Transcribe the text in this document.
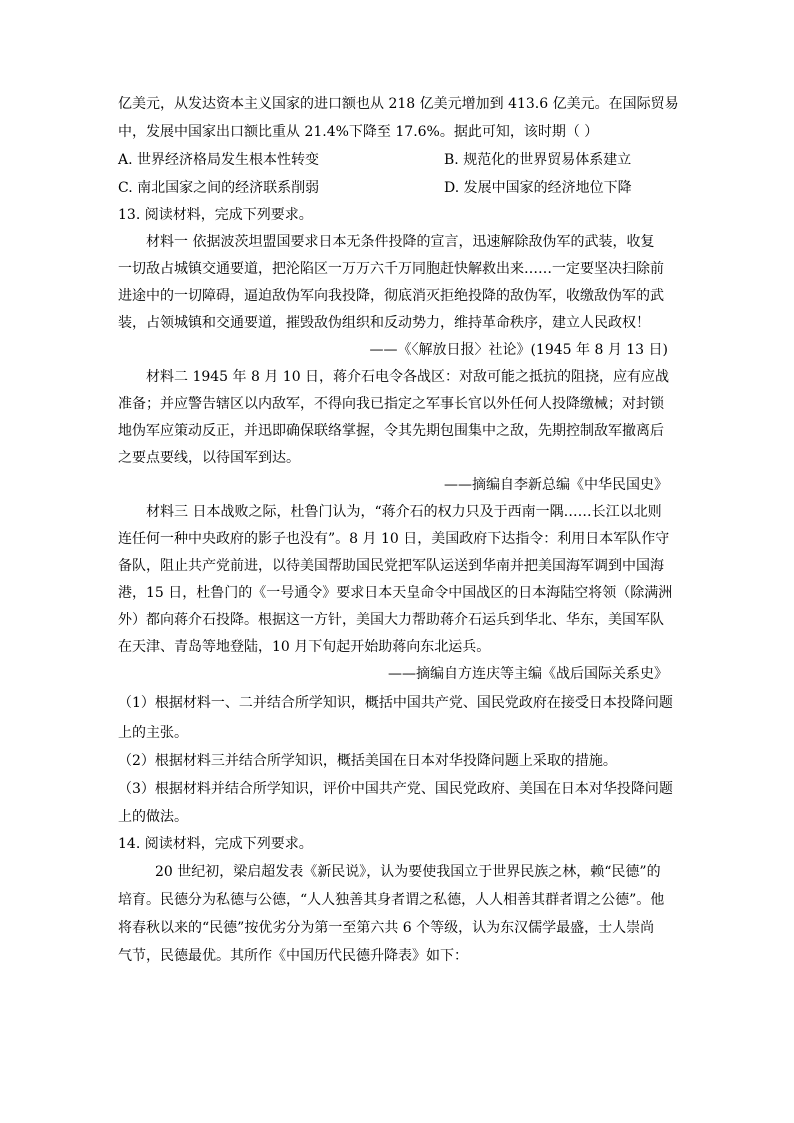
亿美元，从发达资本主义国家的进口额也从 218 亿美元增加到 413.6 亿美元。在国际贸易
中，发展中国家出口额比重从 21.4%下降至 17.6%。据此可知，该时期（ ）
A. 世界经济格局发生根本性转变	B. 规范化的世界贸易体系建立
C. 南北国家之间的经济联系削弱	D. 发展中国家的经济地位下降
13. 阅读材料，完成下列要求。
材料一 依据波茨坦盟国要求日本无条件投降的宣言，迅速解除敌伪军的武装，收复
一切敌占城镇交通要道，把沦陷区一万万六千万同胞赶快解救出来……一定要坚决扫除前
进途中的一切障碍，逼迫敌伪军向我投降，彻底消灭拒绝投降的敌伪军，收缴敌伪军的武
装，占领城镇和交通要道，摧毁敌伪组织和反动势力，维持革命秩序，建立人民政权！
——《〈解放日报〉社论》(1945 年 8 月 13 日)
材料二 1945 年 8 月 10 日，蒋介石电令各战区：对敌可能之抵抗的阻挠，应有应战
准备；并应警告辖区以内敌军，不得向我已指定之军事长官以外任何人投降缴械；对封锁
地伪军应策动反正，并迅即确保联络掌握，令其先期包围集中之敌，先期控制敌军撤离后
之要点要线，以待国军到达。
——摘编自李新总编《中华民国史》
材料三 日本战败之际，杜鲁门认为，“蒋介石的权力只及于西南一隅……长江以北则
连任何一种中央政府的影子也没有”。8 月 10 日，美国政府下达指令：利用日本军队作守
备队，阻止共产党前进，以待美国帮助国民党把军队运送到华南并把美国海军调到中国海
港，15 日，杜鲁门的《一号通令》要求日本天皇命令中国战区的日本海陆空将领（除满洲
外）都向蒋介石投降。根据这一方针，美国大力帮助蒋介石运兵到华北、华东，美国军队
在天津、青岛等地登陆，10 月下旬起开始助蒋向东北运兵。
——摘编自方连庆等主编《战后国际关系史》
（1）根据材料一、二并结合所学知识，概括中国共产党、国民党政府在接受日本投降问题
上的主张。
（2）根据材料三并结合所学知识，概括美国在日本对华投降问题上采取的措施。
（3）根据材料并结合所学知识，评价中国共产党、国民党政府、美国在日本对华投降问题
上的做法。
14. 阅读材料，完成下列要求。
20 世纪初，梁启超发表《新民说》，认为要使我国立于世界民族之林，赖“民德”的
培育。民德分为私德与公德，“人人独善其身者谓之私德，人人相善其群者谓之公德”。他
将春秋以来的“民德”按优劣分为第一至第六共 6 个等级，认为东汉儒学最盛，士人崇尚
气节，民德最优。其所作《中国历代民德升降表》如下：
